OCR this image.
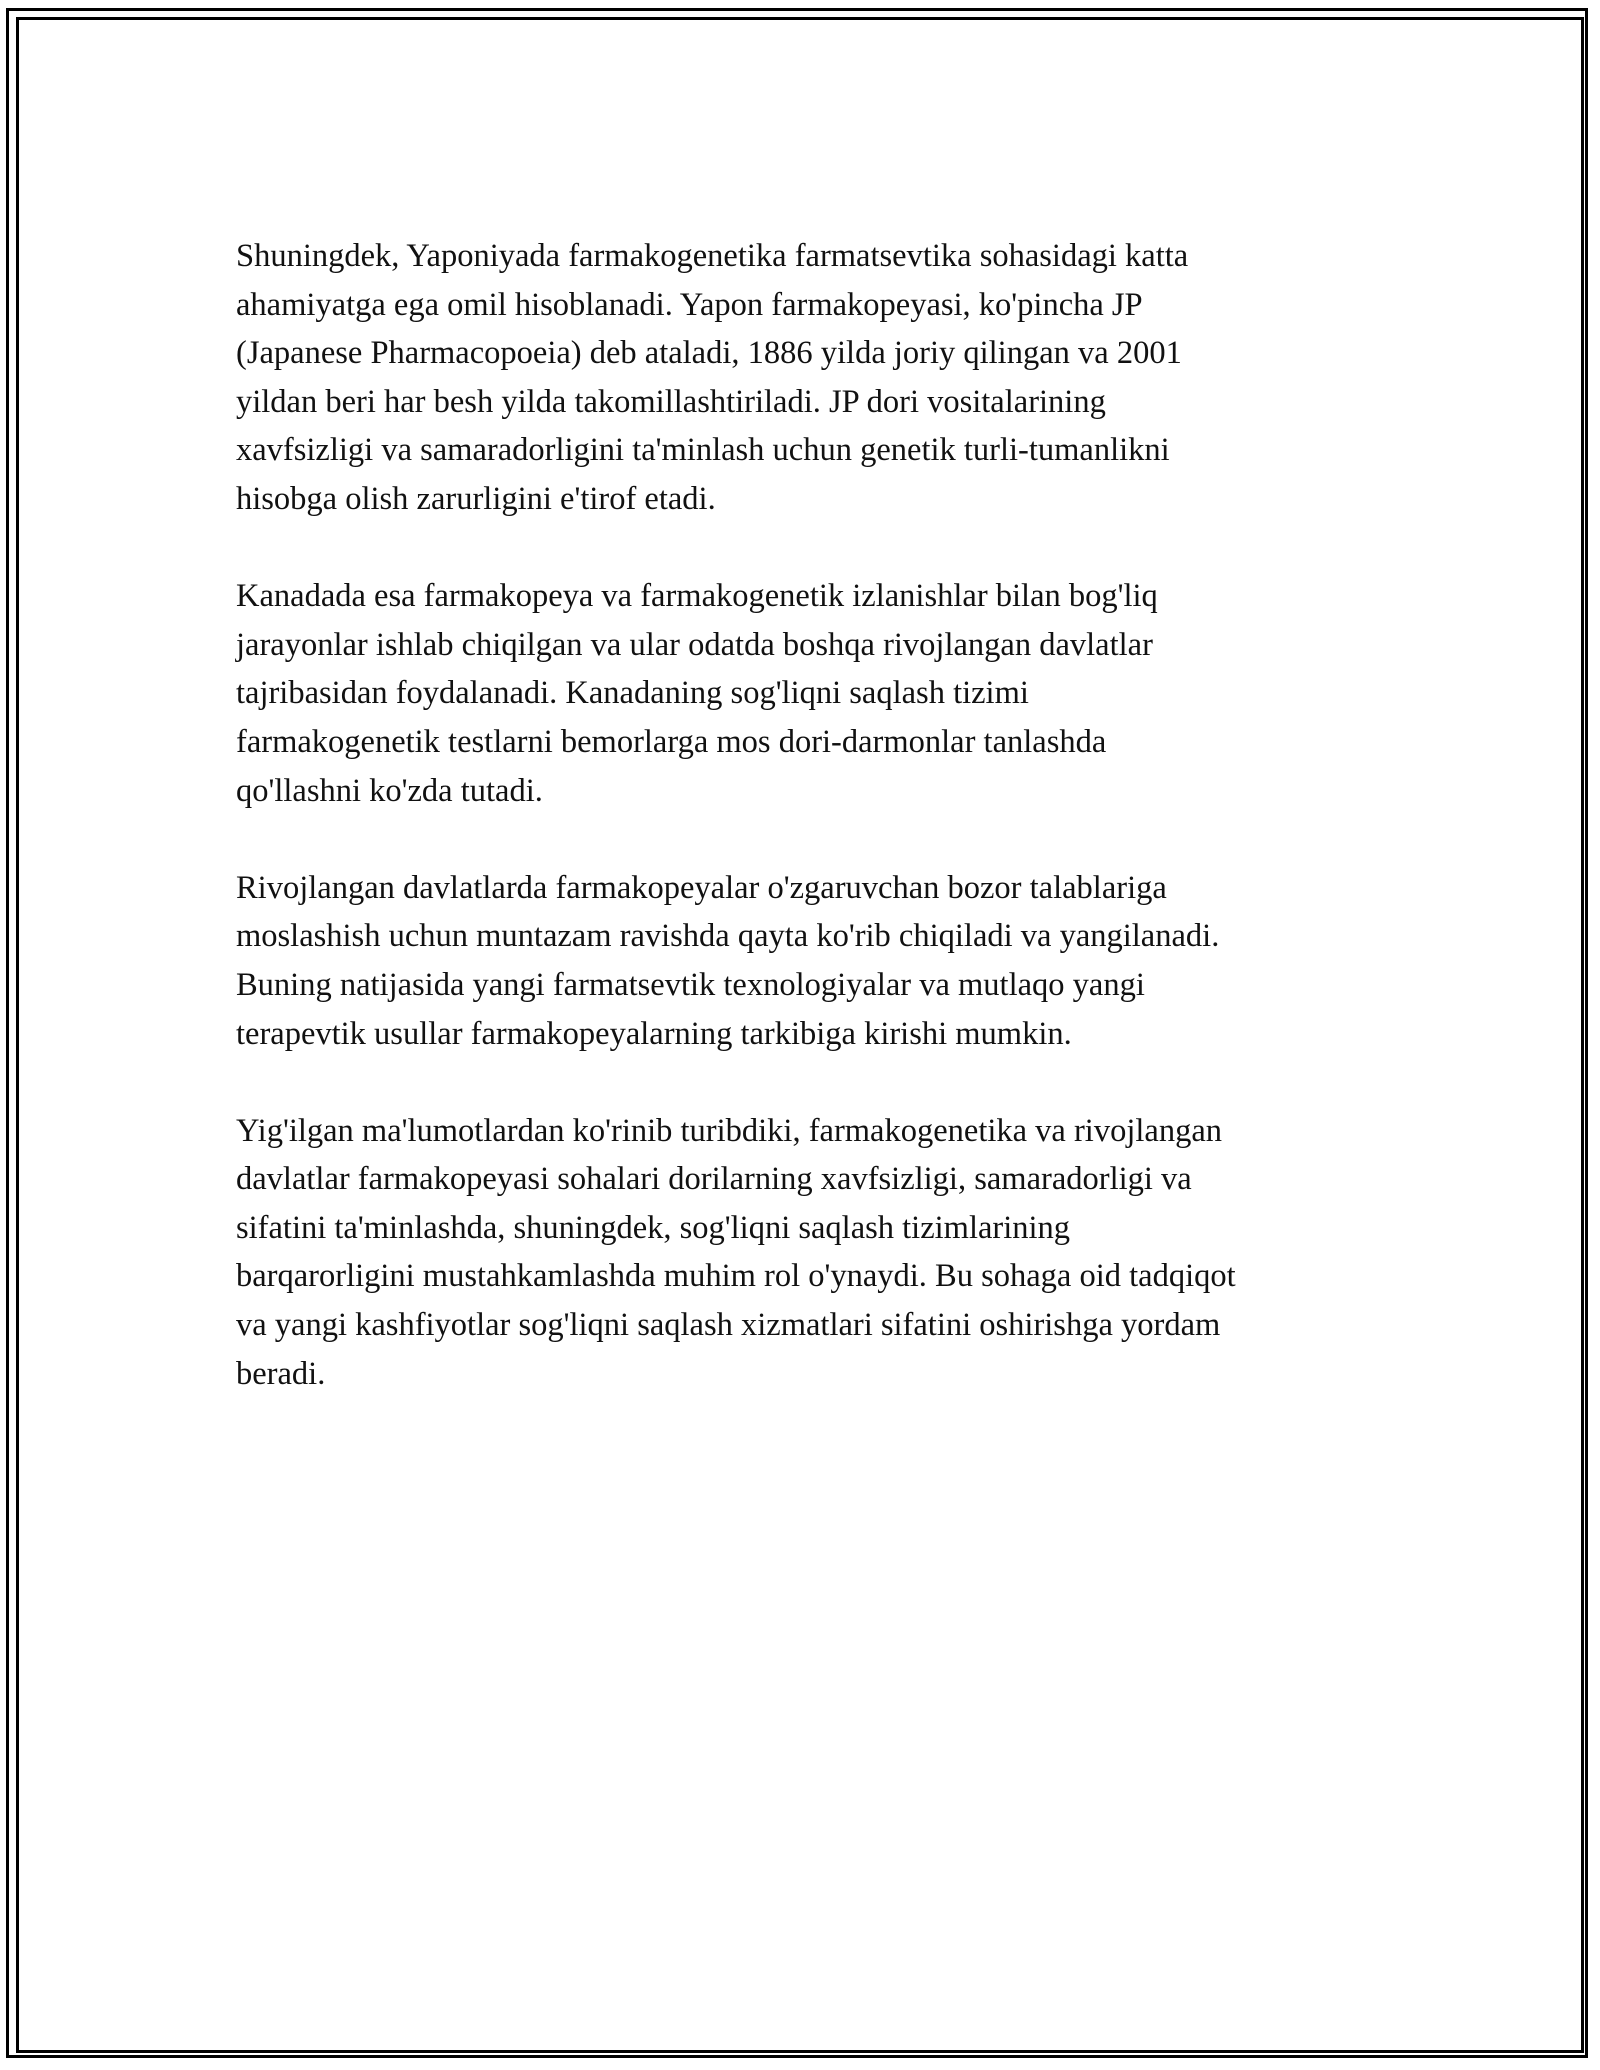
Shuningdek, Yaponiyada farmakogenetika farmatsevtika sohasidagi katta
ahamiyatga ega omil hisoblanadi. Yapon farmakopeyasi, ko'pincha JP
(Japanese Pharmacopoeia) deb ataladi, 1886 yilda joriy qilingan va 2001
yildan beri har besh yilda takomillashtiriladi. JP dori vositalarining
xavfsizligi va samaradorligini ta'minlash uchun genetik turli-tumanlikni
hisobga olish zarurligini e'tirof etadi.

Kanadada esa farmakopeya va farmakogenetik izlanishlar bilan bog'liq
jarayonlar ishlab chiqilgan va ular odatda boshqa rivojlangan davlatlar
tajribasidan foydalanadi. Kanadaning sog'liqni saqlash tizimi
farmakogenetik testlarni bemorlarga mos dori-darmonlar tanlashda
qo'llashni ko'zda tutadi.

Rivojlangan davlatlarda farmakopeyalar o'zgaruvchan bozor talablariga
moslashish uchun muntazam ravishda qayta ko'rib chiqiladi va yangilanadi.
Buning natijasida yangi farmatsevtik texnologiyalar va mutlaqo yangi
terapevtik usullar farmakopeyalarning tarkibiga kirishi mumkin.

Yig'ilgan ma'lumotlardan ko'rinib turibdiki, farmakogenetika va rivojlangan
davlatlar farmakopeyasi sohalari dorilarning xavfsizligi, samaradorligi va
sifatini ta'minlashda, shuningdek, sog'liqni saqlash tizimlarining
barqarorligini mustahkamlashda muhim rol o'ynaydi. Bu sohaga oid tadqiqot
va yangi kashfiyotlar sog'liqni saqlash xizmatlari sifatini oshirishga yordam
beradi.
